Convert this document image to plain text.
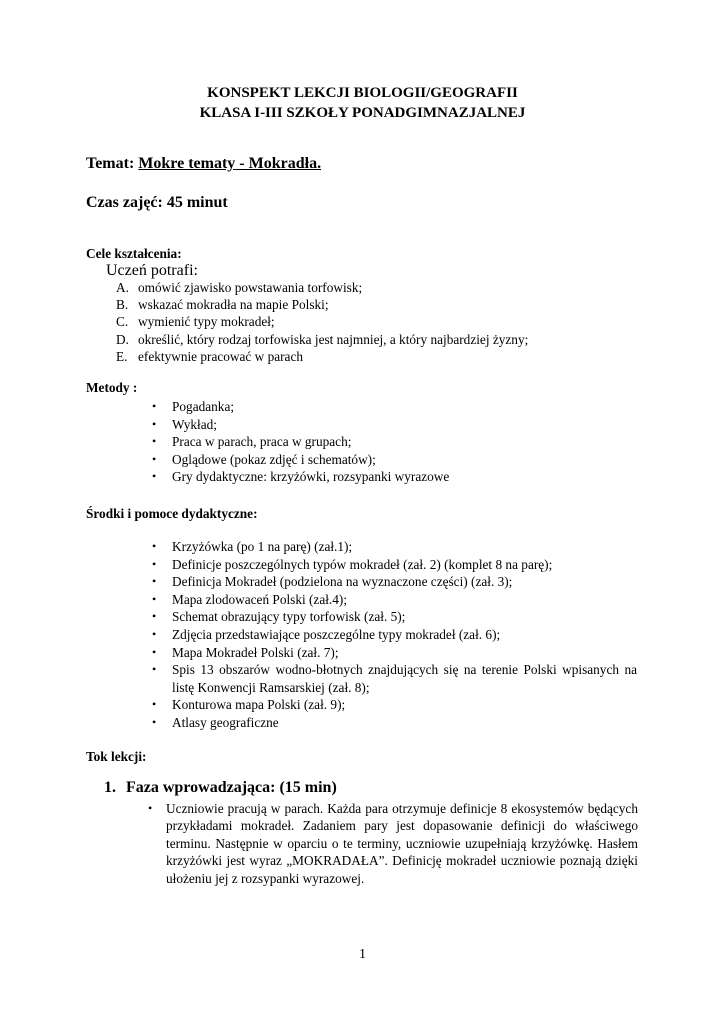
KONSPEKT LEKCJI BIOLOGII/GEOGRAFII
KLASA I-III SZKOŁY PONADGIMNAZJALNEJ
Temat: Mokre tematy - Mokradła.
Czas zajęć: 45 minut
Cele kształcenia:
Uczeń potrafi:
A. omówić zjawisko powstawania torfowisk;
B. wskazać mokradła na mapie Polski;
C. wymienić typy mokradeł;
D. określić, który rodzaj torfowiska jest najmniej, a który najbardziej żyzny;
E. efektywnie pracować w parach
Metody :
• Pogadanka;
• Wykład;
• Praca w parach, praca w grupach;
• Oglądowe (pokaz zdjęć i schematów);
• Gry dydaktyczne: krzyżówki, rozsypanki wyrazowe
Środki i pomoce dydaktyczne:
• Krzyżówka (po 1 na parę) (zał.1);
• Definicje poszczególnych typów mokradeł (zał. 2) (komplet 8 na parę);
• Definicja Mokradeł (podzielona na wyznaczone części) (zał. 3);
• Mapa zlodowaceń Polski (zał.4);
• Schemat obrazujący typy torfowisk (zał. 5);
• Zdjęcia przedstawiające poszczególne typy mokradeł (zał. 6);
• Mapa Mokradeł Polski (zał. 7);
• Spis 13 obszarów wodno-błotnych znajdujących się na terenie Polski wpisanych na listę Konwencji Ramsarskiej (zał. 8);
• Konturowa mapa Polski (zał. 9);
• Atlasy geograficzne
Tok lekcji:
1. Faza wprowadzająca: (15 min)
• Uczniowie pracują w parach. Każda para otrzymuje definicje 8 ekosystemów będących przykładami mokradeł. Zadaniem pary jest dopasowanie definicji do właściwego terminu. Następnie w oparciu o te terminy, uczniowie uzupełniają krzyżówkę. Hasłem krzyżówki jest wyraz „MOKRADAŁA”. Definicję mokradeł uczniowie poznają dzięki ułożeniu jej z rozsypanki wyrazowej.
1
